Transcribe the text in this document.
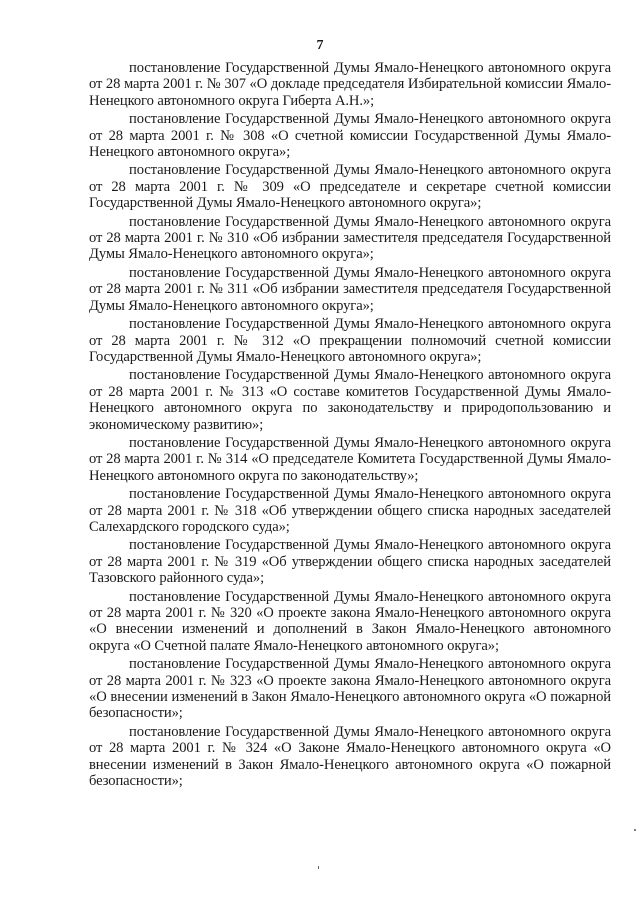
7

постановление Государственной Думы Ямало-Ненецкого автономного округа от 28 марта 2001 г. № 307 «О докладе председателя Избирательной комиссии Ямало-Ненецкого автономного округа Гиберта А.Н.»;

постановление Государственной Думы Ямало-Ненецкого автономного округа от 28 марта 2001 г. № 308 «О счетной комиссии Государственной Думы Ямало-Ненецкого автономного округа»;

постановление Государственной Думы Ямало-Ненецкого автономного округа от 28 марта 2001 г. № 309 «О председателе и секретаре счетной комиссии Государственной Думы Ямало-Ненецкого автономного округа»;

постановление Государственной Думы Ямало-Ненецкого автономного округа от 28 марта 2001 г. № 310 «Об избрании заместителя председателя Государственной Думы Ямало-Ненецкого автономного округа»;

постановление Государственной Думы Ямало-Ненецкого автономного округа от 28 марта 2001 г. № 311 «Об избрании заместителя председателя Государственной Думы Ямало-Ненецкого автономного округа»;

постановление Государственной Думы Ямало-Ненецкого автономного округа от 28 марта 2001 г. № 312 «О прекращении полномочий счетной комиссии Государственной Думы Ямало-Ненецкого автономного округа»;

постановление Государственной Думы Ямало-Ненецкого автономного округа от 28 марта 2001 г. № 313 «О составе комитетов Государственной Думы Ямало-Ненецкого автономного округа по законодательству и природопользованию и экономическому развитию»;

постановление Государственной Думы Ямало-Ненецкого автономного округа от 28 марта 2001 г. № 314 «О председателе Комитета Государственной Думы Ямало-Ненецкого автономного округа по законодательству»;

постановление Государственной Думы Ямало-Ненецкого автономного округа от 28 марта 2001 г. № 318 «Об утверждении общего списка народных заседателей Салехардского городского суда»;

постановление Государственной Думы Ямало-Ненецкого автономного округа от 28 марта 2001 г. № 319 «Об утверждении общего списка народных заседателей Тазовского районного суда»;

постановление Государственной Думы Ямало-Ненецкого автономного округа от 28 марта 2001 г. № 320 «О проекте закона Ямало-Ненецкого автономного округа «О внесении изменений и дополнений в Закон Ямало-Ненецкого автономного округа «О Счетной палате Ямало-Ненецкого автономного округа»;

постановление Государственной Думы Ямало-Ненецкого автономного округа от 28 марта 2001 г. № 323 «О проекте закона Ямало-Ненецкого автономного округа «О внесении изменений в Закон Ямало-Ненецкого автономного округа «О пожарной безопасности»;

постановление Государственной Думы Ямало-Ненецкого автономного округа от 28 марта 2001 г. № 324 «О Законе Ямало-Ненецкого автономного округа «О внесении изменений в Закон Ямало-Ненецкого автономного округа «О пожарной безопасности»;
